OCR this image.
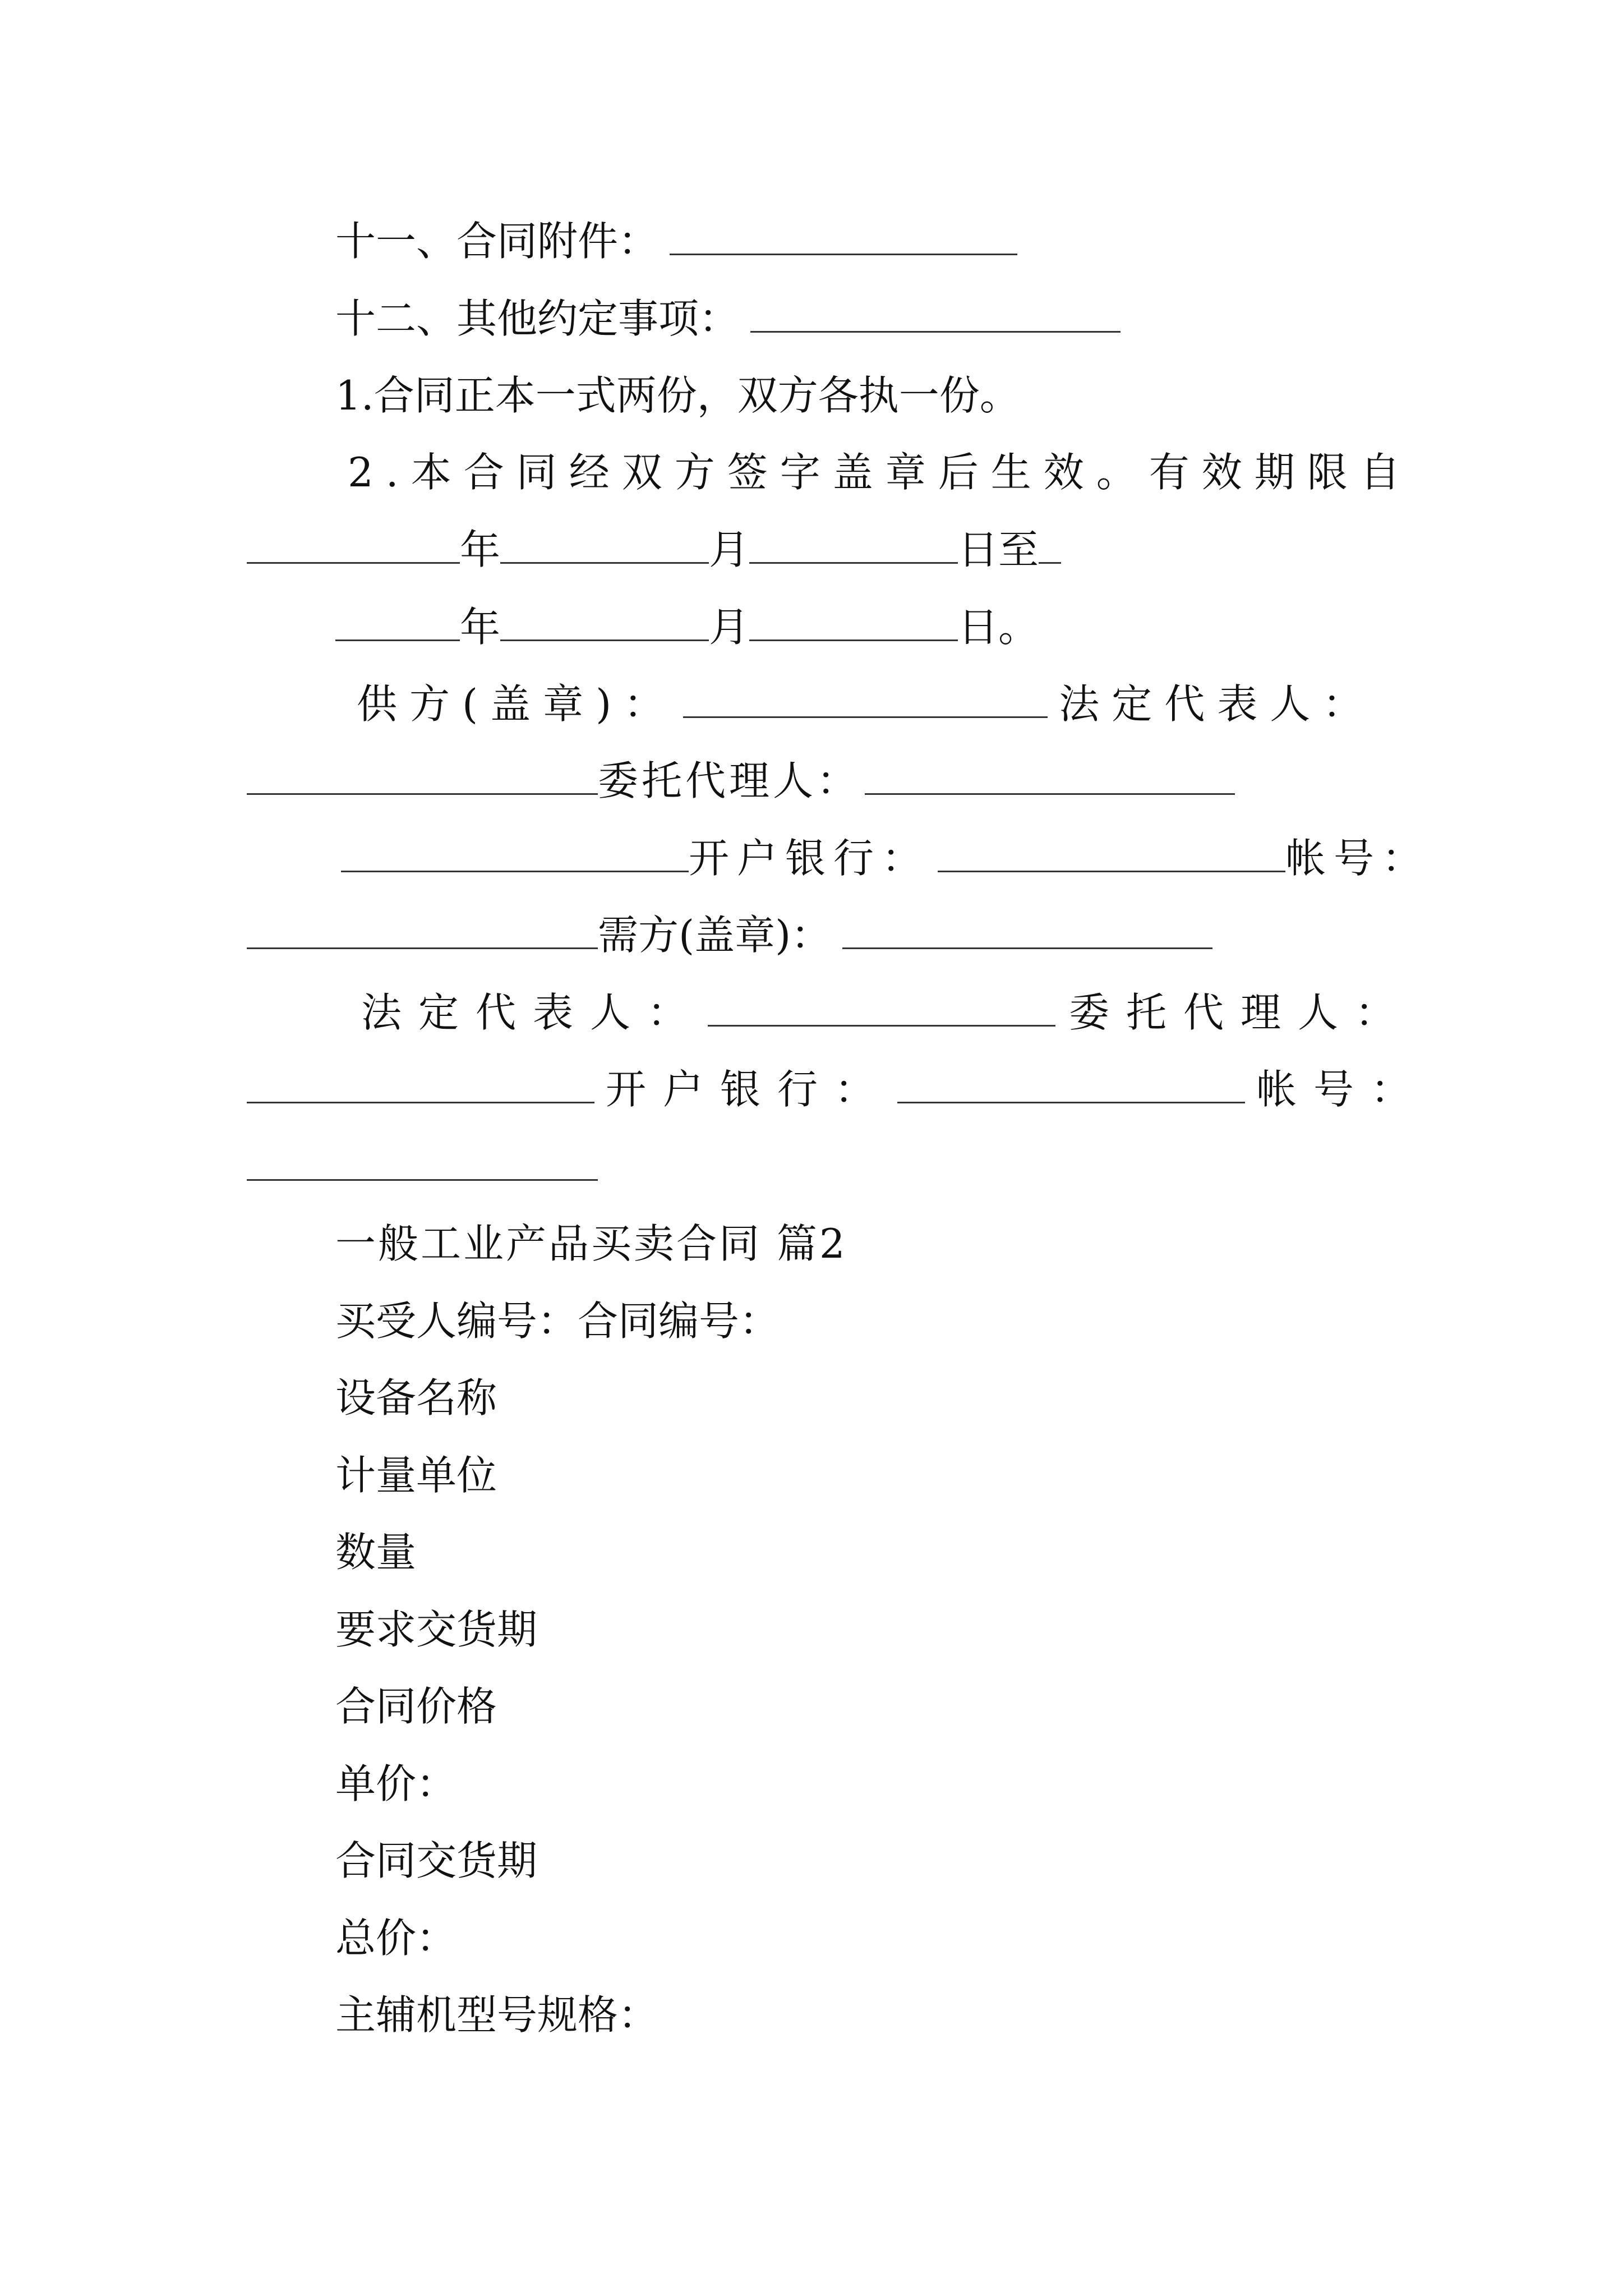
十一、合同附件：
十二、其他约定事项：
1.合同正本一式两份，双方各执一份。
2.本合同经双方签字盖章后生效。有效期限自
年	月	日至
年	月	日。
供方(盖章)：	法定代表人：
委托代理人：
开户银行：	帐号：
需方(盖章)：
法定代表人：	委托代理人：
开户银行：	帐号：
一般工业产品买卖合同 篇2
买受人编号：合同编号：
设备名称
计量单位
数量
要求交货期
合同价格
单价：
合同交货期
总价：
主辅机型号规格：
